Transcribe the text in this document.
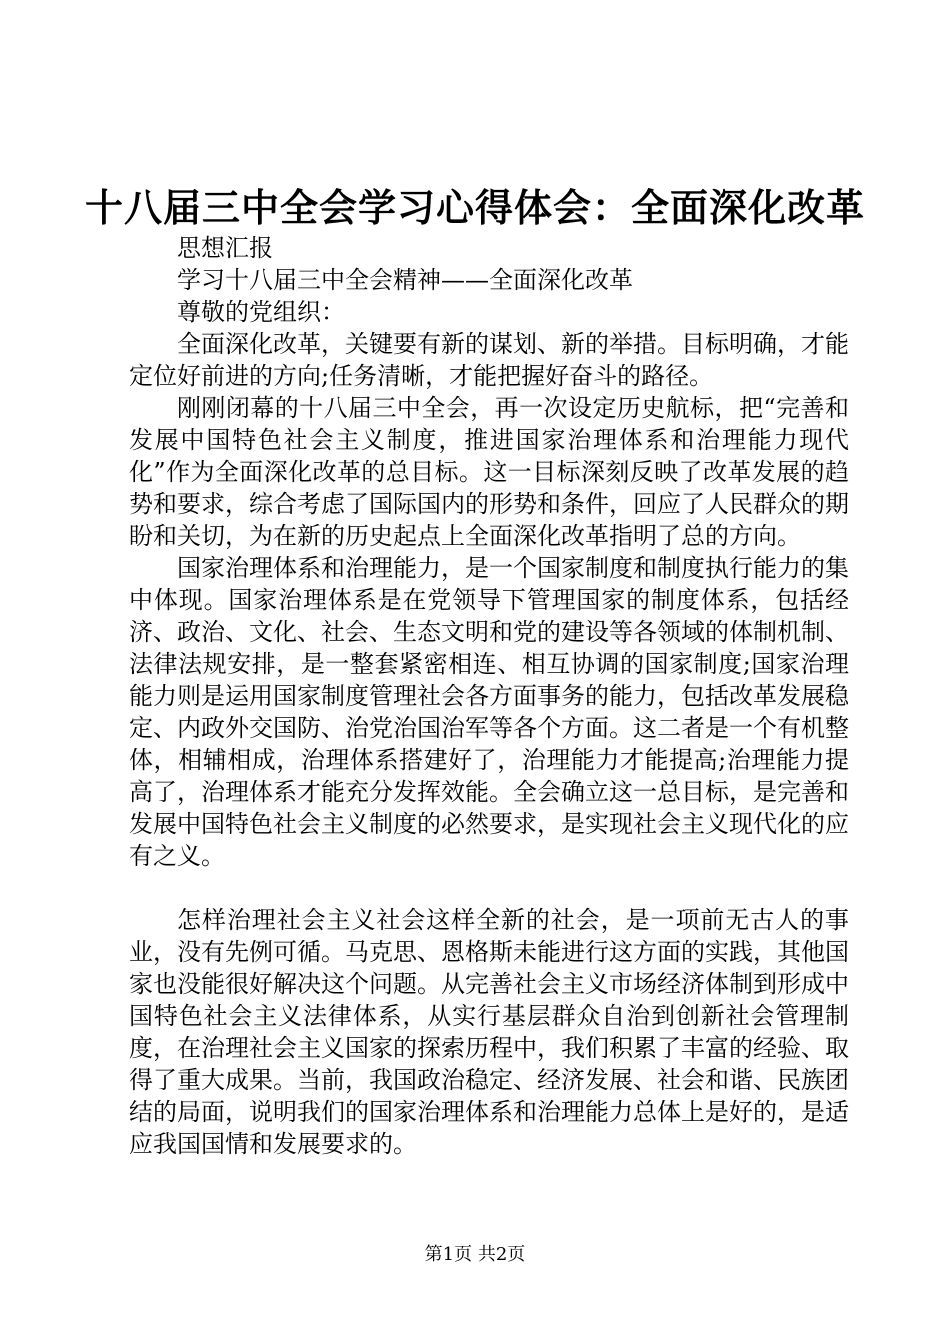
十八届三中全会学习心得体会：全面深化改革

思想汇报

学习十八届三中全会精神——全面深化改革

尊敬的党组织：

全面深化改革，关键要有新的谋划、新的举措。目标明确，才能定位好前进的方向;任务清晰，才能把握好奋斗的路径。

刚刚闭幕的十八届三中全会，再一次设定历史航标，把“完善和发展中国特色社会主义制度，推进国家治理体系和治理能力现代化”作为全面深化改革的总目标。这一目标深刻反映了改革发展的趋势和要求，综合考虑了国际国内的形势和条件，回应了人民群众的期盼和关切，为在新的历史起点上全面深化改革指明了总的方向。

国家治理体系和治理能力，是一个国家制度和制度执行能力的集中体现。国家治理体系是在党领导下管理国家的制度体系，包括经济、政治、文化、社会、生态文明和党的建设等各领域的体制机制、法律法规安排，是一整套紧密相连、相互协调的国家制度;国家治理能力则是运用国家制度管理社会各方面事务的能力，包括改革发展稳定、内政外交国防、治党治国治军等各个方面。这二者是一个有机整体，相辅相成，治理体系搭建好了，治理能力才能提高;治理能力提高了，治理体系才能充分发挥效能。全会确立这一总目标，是完善和发展中国特色社会主义制度的必然要求，是实现社会主义现代化的应有之义。

怎样治理社会主义社会这样全新的社会，是一项前无古人的事业，没有先例可循。马克思、恩格斯未能进行这方面的实践，其他国家也没能很好解决这个问题。从完善社会主义市场经济体制到形成中国特色社会主义法律体系，从实行基层群众自治到创新社会管理制度，在治理社会主义国家的探索历程中，我们积累了丰富的经验、取得了重大成果。当前，我国政治稳定、经济发展、社会和谐、民族团结的局面，说明我们的国家治理体系和治理能力总体上是好的，是适应我国国情和发展要求的。

第1页 共2页
